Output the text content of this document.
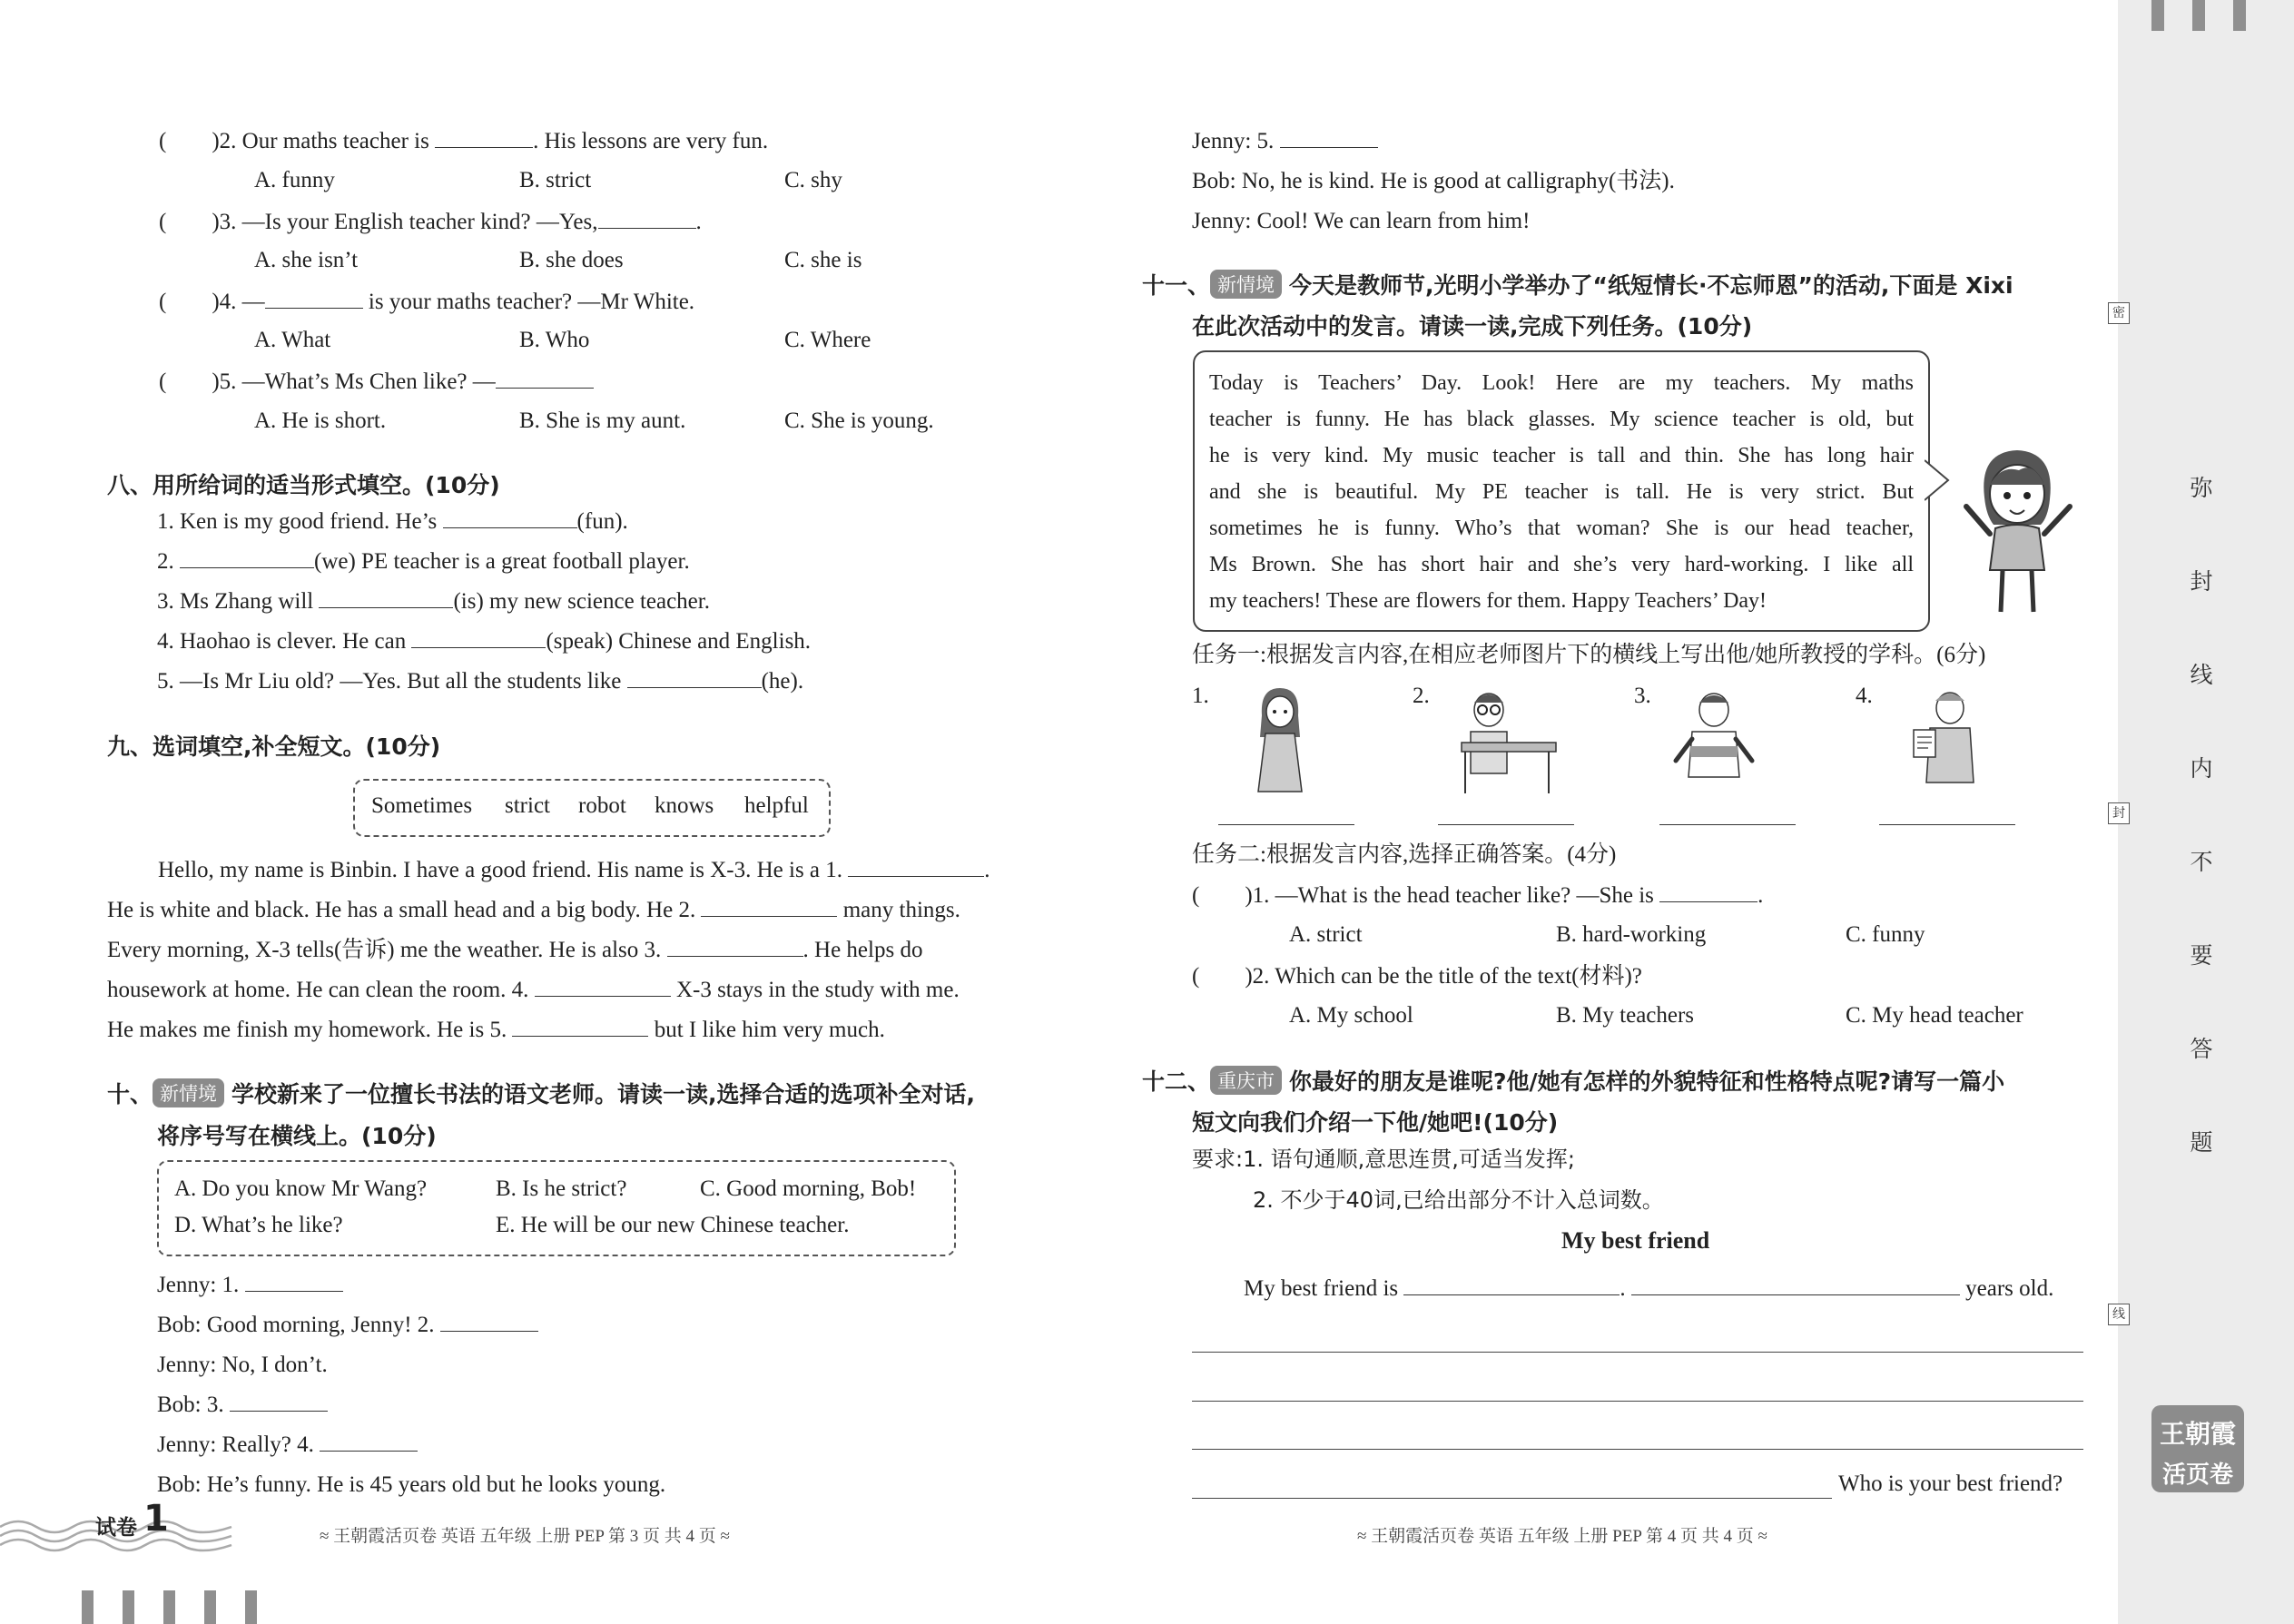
( )2. Our maths teacher is	. His lessons are very fun.
A. funny	B. strict	C. shy
( )3. —Is your English teacher kind? —Yes,	.
A. she isn’t	B. she does	C. she is
( )4. —	is your maths teacher? —Mr White.
A. What	B. Who	C. Where
( )5. —What’s Ms Chen like? —
A. He is short.	B. She is my aunt.	C. She is young.
八、用所给词的适当形式填空。(10分)
1. Ken is my good friend. He’s	(fun).
2.	(we) PE teacher is a great football player.
3. Ms Zhang will	(is) my new science teacher.
4. Haohao is clever. He can	(speak) Chinese and English.
5. —Is Mr Liu old? —Yes. But all the students like	(he).
九、选词填空,补全短文。(10分)
Sometimes strict robot knows helpful
Hello, my name is Binbin. I have a good friend. His name is X-3. He is a 1.	.
He is white and black. He has a small head and a big body. He 2.	many things.
Every morning, X-3 tells(告诉) me the weather. He is also 3.	. He helps do
housework at home. He can clean the room. 4.	X-3 stays in the study with me.
He makes me finish my homework. He is 5.	but I like him very much.
十、 新情境 学校新来了一位擅长书法的语文老师。请读一读,选择合适的选项补全对话,
将序号写在横线上。(10分)
A. Do you know Mr Wang?	B. Is he strict?	C. Good morning, Bob!
D. What’s he like?	E. He will be our new Chinese teacher.
Jenny: 1.
Bob: Good morning, Jenny! 2.
Jenny: No, I don’t.
Bob: 3.
Jenny: Really? 4.
Bob: He’s funny. He is 45 years old but he looks young.
试卷 1	≈ 王朝霞活页卷 英语 五年级 上册 PEP 第 3 页 共 4 页 ≈
Jenny: 5.
Bob: No, he is kind. He is good at calligraphy(书法).
Jenny: Cool! We can learn from him!
十一、 新情境 今天是教师节,光明小学举办了“纸短情长·不忘师恩”的活动,下面是 Xixi
在此次活动中的发言。请读一读,完成下列任务。(10分)
Today is Teachers’ Day. Look! Here are my teachers. My maths
teacher is funny. He has black glasses. My science teacher is old, but
he is very kind. My music teacher is tall and thin. She has long hair
and she is beautiful. My PE teacher is tall. He is very strict. But
sometimes he is funny. Who’s that woman? She is our head teacher,
Ms Brown. She has short hair and she’s very hard-working. I like all
my teachers! These are flowers for them. Happy Teachers’ Day!
任务一:根据发言内容,在相应老师图片下的横线上写出他/她所教授的学科。(6分)
1.	2.	3.	4.
任务二:根据发言内容,选择正确答案。(4分)
( )1. —What is the head teacher like? —She is	.
A. strict	B. hard-working	C. funny
( )2. Which can be the title of the text(材料)?
A. My school	B. My teachers	C. My head teacher
十二、 重庆市 你最好的朋友是谁呢?他/她有怎样的外貌特征和性格特点呢?请写一篇小
短文向我们介绍一下他/她吧!(10分)
要求:1. 语句通顺,意思连贯,可适当发挥;
2. 不少于40词,已给出部分不计入总词数。
My best friend
My best friend is	.	years old.
Who is your best friend?
≈ 王朝霞活页卷 英语 五年级 上册 PEP 第 4 页 共 4 页 ≈
弥
封
线
内
不
要
答
题
密
封
线
王朝霞
活页卷
